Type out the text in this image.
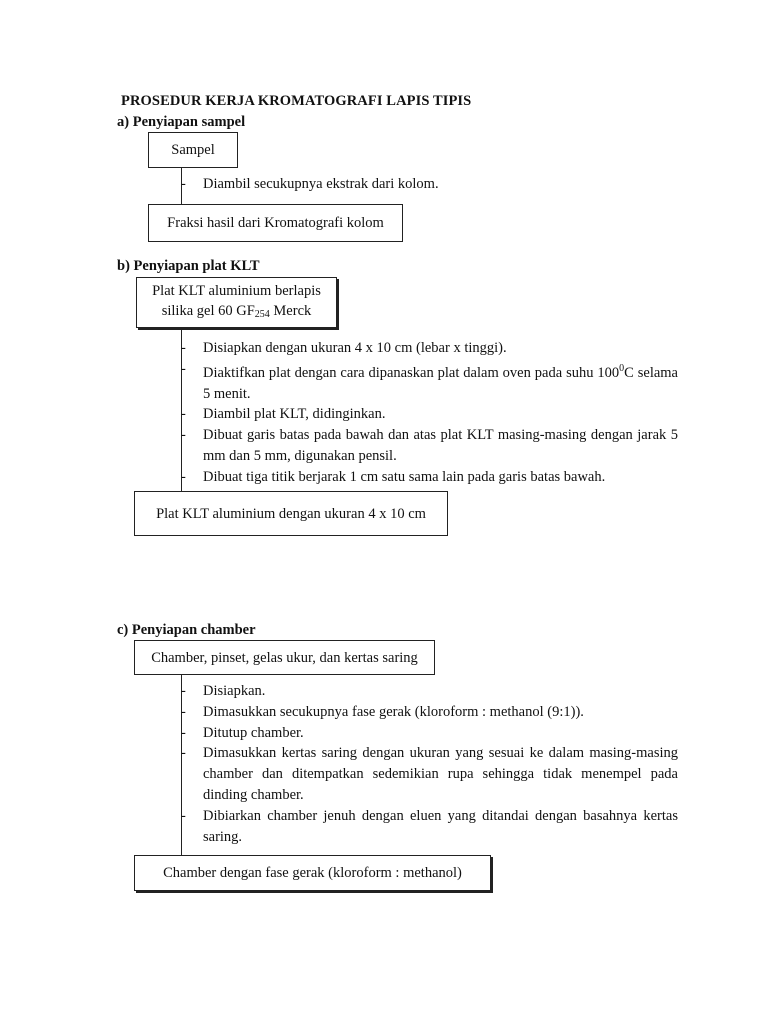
PROSEDUR KERJA KROMATOGRAFI LAPIS TIPIS
a) Penyiapan sampel
Sampel
- Diambil secukupnya ekstrak dari kolom.
Fraksi hasil dari Kromatografi kolom
b) Penyiapan plat KLT
Plat KLT aluminium berlapis
silika gel 60 $GF_{254}$ Merck
- Disiapkan dengan ukuran 4 x 10 cm (lebar x tinggi).
- Diaktifkan plat dengan cara dipanaskan plat dalam oven pada suhu $100^0C$ selama 5 menit.
- Diambil plat KLT, didinginkan.
- Dibuat garis batas pada bawah dan atas plat KLT masing-masing dengan jarak 5 mm dan 5 mm, digunakan pensil.
- Dibuat tiga titik berjarak 1 cm satu sama lain pada garis batas bawah.
Plat KLT aluminium dengan ukuran 4 x 10 cm
c) Penyiapan chamber
Chamber, pinset, gelas ukur, dan kertas saring
- Disiapkan.
- Dimasukkan secukupnya fase gerak (kloroform : methanol (9:1)).
- Ditutup chamber.
- Dimasukkan kertas saring dengan ukuran yang sesuai ke dalam masing-masing chamber dan ditempatkan sedemikian rupa sehingga tidak menempel pada dinding chamber.
- Dibiarkan chamber jenuh dengan eluen yang ditandai dengan basahnya kertas saring.
Chamber dengan fase gerak (kloroform : methanol)
